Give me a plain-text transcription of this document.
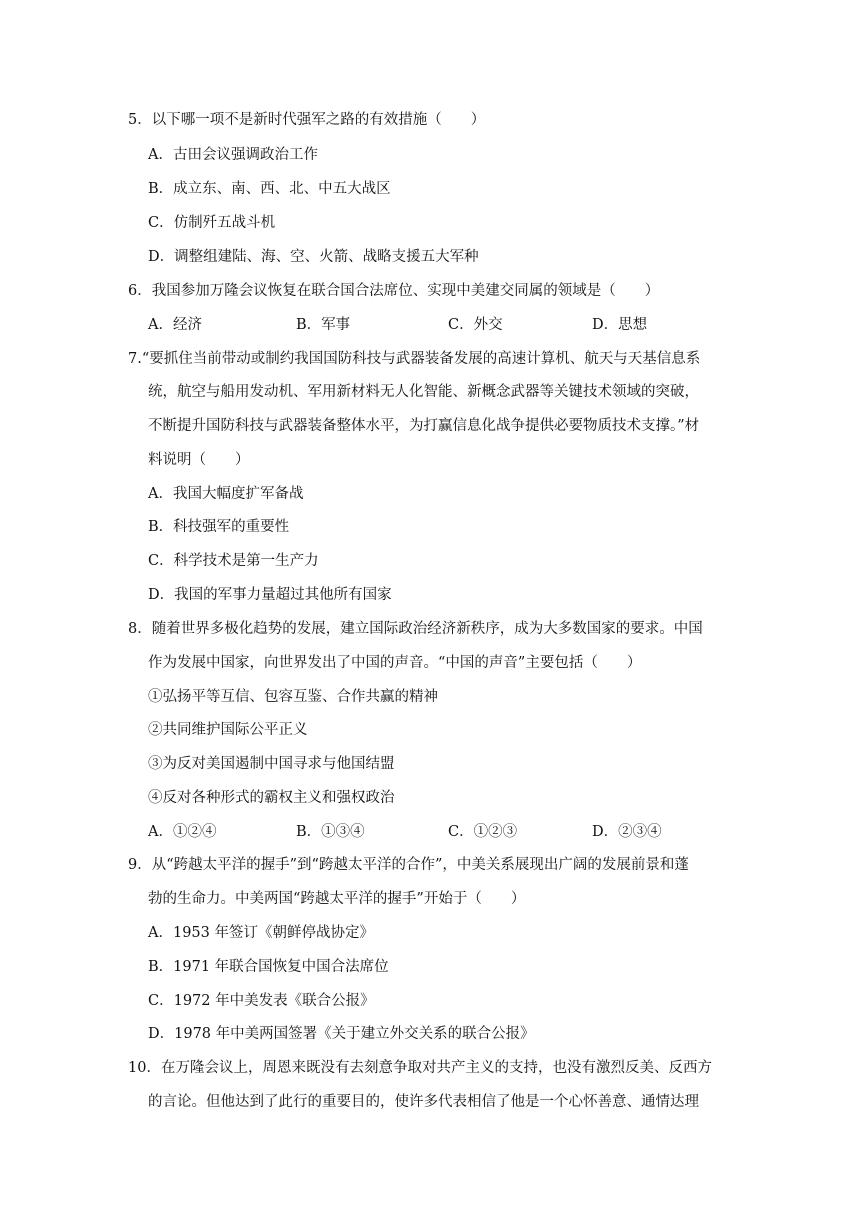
5．以下哪一项不是新时代强军之路的有效措施（　　）
A．古田会议强调政治工作
B．成立东、南、西、北、中五大战区
C．仿制歼五战斗机
D．调整组建陆、海、空、火箭、战略支援五大军种
6．我国参加万隆会议恢复在联合国合法席位、实现中美建交同属的领域是（　　）
A．经济	B．军事	C．外交	D．思想
7.“要抓住当前带动或制约我国国防科技与武器装备发展的高速计算机、航天与天基信息系
统，航空与船用发动机、军用新材料无人化智能、新概念武器等关键技术领域的突破，
不断提升国防科技与武器装备整体水平，为打赢信息化战争提供必要物质技术支撑。”材
料说明（　　）
A．我国大幅度扩军备战
B．科技强军的重要性
C．科学技术是第一生产力
D．我国的军事力量超过其他所有国家
8．随着世界多极化趋势的发展，建立国际政治经济新秩序，成为大多数国家的要求。中国
作为发展中国家，向世界发出了中国的声音。“中国的声音”主要包括（　　）
①弘扬平等互信、包容互鉴、合作共赢的精神
②共同维护国际公平正义
③为反对美国遏制中国寻求与他国结盟
④反对各种形式的霸权主义和强权政治
A．①②④	B．①③④	C．①②③	D．②③④
9．从“跨越太平洋的握手”到“跨越太平洋的合作”，中美关系展现出广阔的发展前景和蓬
勃的生命力。中美两国“跨越太平洋的握手”开始于（　　）
A．1953 年签订《朝鲜停战协定》
B．1971 年联合国恢复中国合法席位
C．1972 年中美发表《联合公报》
D．1978 年中美两国签署《关于建立外交关系的联合公报》
10．在万隆会议上，周恩来既没有去刻意争取对共产主义的支持，也没有激烈反美、反西方
的言论。但他达到了此行的重要目的，使许多代表相信了他是一个心怀善意、通情达理
